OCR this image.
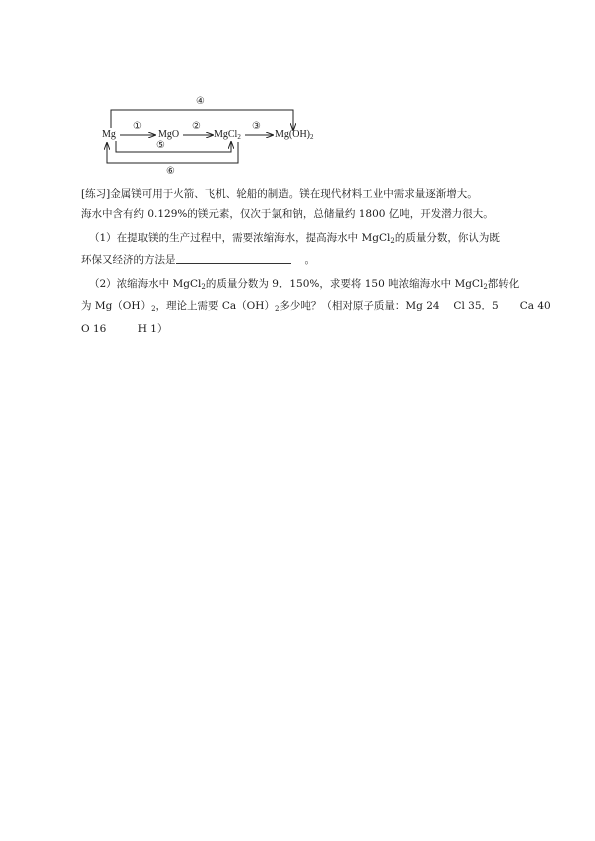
Mg	MgO	MgCl$_2$	$Mg(OH)_2$
①	②	③
④
⑤
⑥
[练习]金属镁可用于火箭、飞机、轮船的制造。镁在现代材料工业中需求量逐渐增大。
海水中含有约 0.129%的镁元素，仅次于氯和钠，总储量约 1800 亿吨，开发潜力很大。
（1）在提取镁的生产过程中，需要浓缩海水，提高海水中 MgCl$_2$的质量分数，你认为既
环保又经济的方法是	。
（2）浓缩海水中 MgCl$_2$的质量分数为 9．150%，求要将 150 吨浓缩海水中 MgCl$_2$都转化
为 $Mg(OH)_2$，理论上需要 $Ca(OH)_2$多少吨？（相对原子质量：Mg 24　 Cl 35．5　　Ca 40
O 16　　　H 1）
